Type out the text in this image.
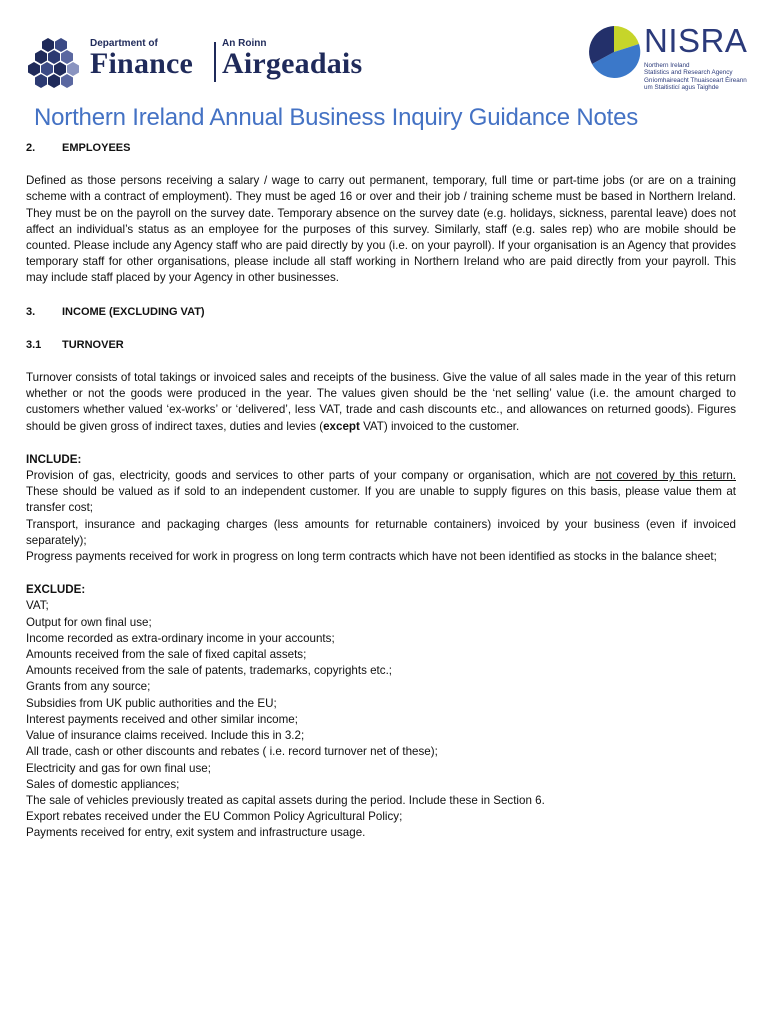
Department of
Finance
An Roinn
Airgeadais
NISRA
Northern Ireland
Statistics and Research Agency
Gníomhaireacht Thuaisceart Éireann
um Staitisticí agus Taighde
Northern Ireland Annual Business Inquiry Guidance Notes

2. EMPLOYEES

Defined as those persons receiving a salary / wage to carry out permanent, temporary, full time or part-time jobs (or are on a training scheme with a contract of employment). They must be aged 16 or over and their job / training scheme must be based in Northern Ireland. They must be on the payroll on the survey date. Temporary absence on the survey date (e.g. holidays, sickness, parental leave) does not affect an individual’s status as an employee for the purposes of this survey. Similarly, staff (e.g. sales rep) who are mobile should be counted. Please include any Agency staff who are paid directly by you (i.e. on your payroll). If your organisation is an Agency that provides temporary staff for other organisations, please include all staff working in Northern Ireland who are paid directly from your payroll. This may include staff placed by your Agency in other businesses.

3. INCOME (EXCLUDING VAT)

3.1 TURNOVER

Turnover consists of total takings or invoiced sales and receipts of the business. Give the value of all sales made in the year of this return whether or not the goods were produced in the year. The values given should be the ‘net selling’ value (i.e. the amount charged to customers whether valued ‘ex-works’ or ‘delivered’, less VAT, trade and cash discounts etc., and allowances on returned goods). Figures should be given gross of indirect taxes, duties and levies (except VAT) invoiced to the customer.

INCLUDE:

Provision of gas, electricity, goods and services to other parts of your company or organisation, which are not covered by this return. These should be valued as if sold to an independent customer. If you are unable to supply figures on this basis, please value them at transfer cost;

Transport, insurance and packaging charges (less amounts for returnable containers) invoiced by your business (even if invoiced separately);

Progress payments received for work in progress on long term contracts which have not been identified as stocks in the balance sheet;

EXCLUDE:

VAT;

Output for own final use;

Income recorded as extra-ordinary income in your accounts;

Amounts received from the sale of fixed capital assets;

Amounts received from the sale of patents, trademarks, copyrights etc.;

Grants from any source;

Subsidies from UK public authorities and the EU;

Interest payments received and other similar income;

Value of insurance claims received. Include this in 3.2;

All trade, cash or other discounts and rebates ( i.e. record turnover net of these);

Electricity and gas for own final use;

Sales of domestic appliances;

The sale of vehicles previously treated as capital assets during the period. Include these in Section 6.

Export rebates received under the EU Common Policy Agricultural Policy;

Payments received for entry, exit system and infrastructure usage.
